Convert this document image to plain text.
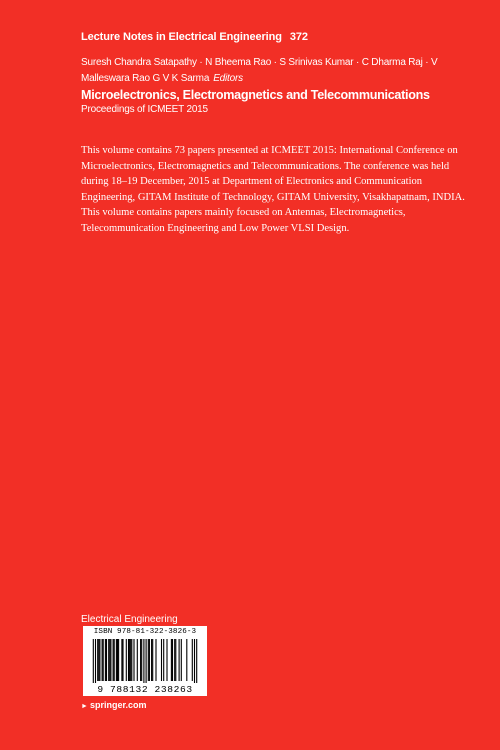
Lecture Notes in Electrical Engineering 372
Suresh Chandra Satapathy · N Bheema Rao · S Srinivas Kumar · C Dharma Raj · V Malleswara Rao G V K Sarma Editors
Microelectronics, Electromagnetics and Telecommunications
Proceedings of ICMEET 2015
This volume contains 73 papers presented at ICMEET 2015: International Conference on Microelectronics, Electromagnetics and Telecommunications. The conference was held during 18–19 December, 2015 at Department of Electronics and Communication Engineering, GITAM Institute of Technology, GITAM University, Visakhapatnam, INDIA. This volume contains papers mainly focused on Antennas, Electromagnetics, Telecommunication Engineering and Low Power VLSI Design.
Electrical Engineering
ISBN 978-81-322-3826-3
9 788132 238263
► springer.com
